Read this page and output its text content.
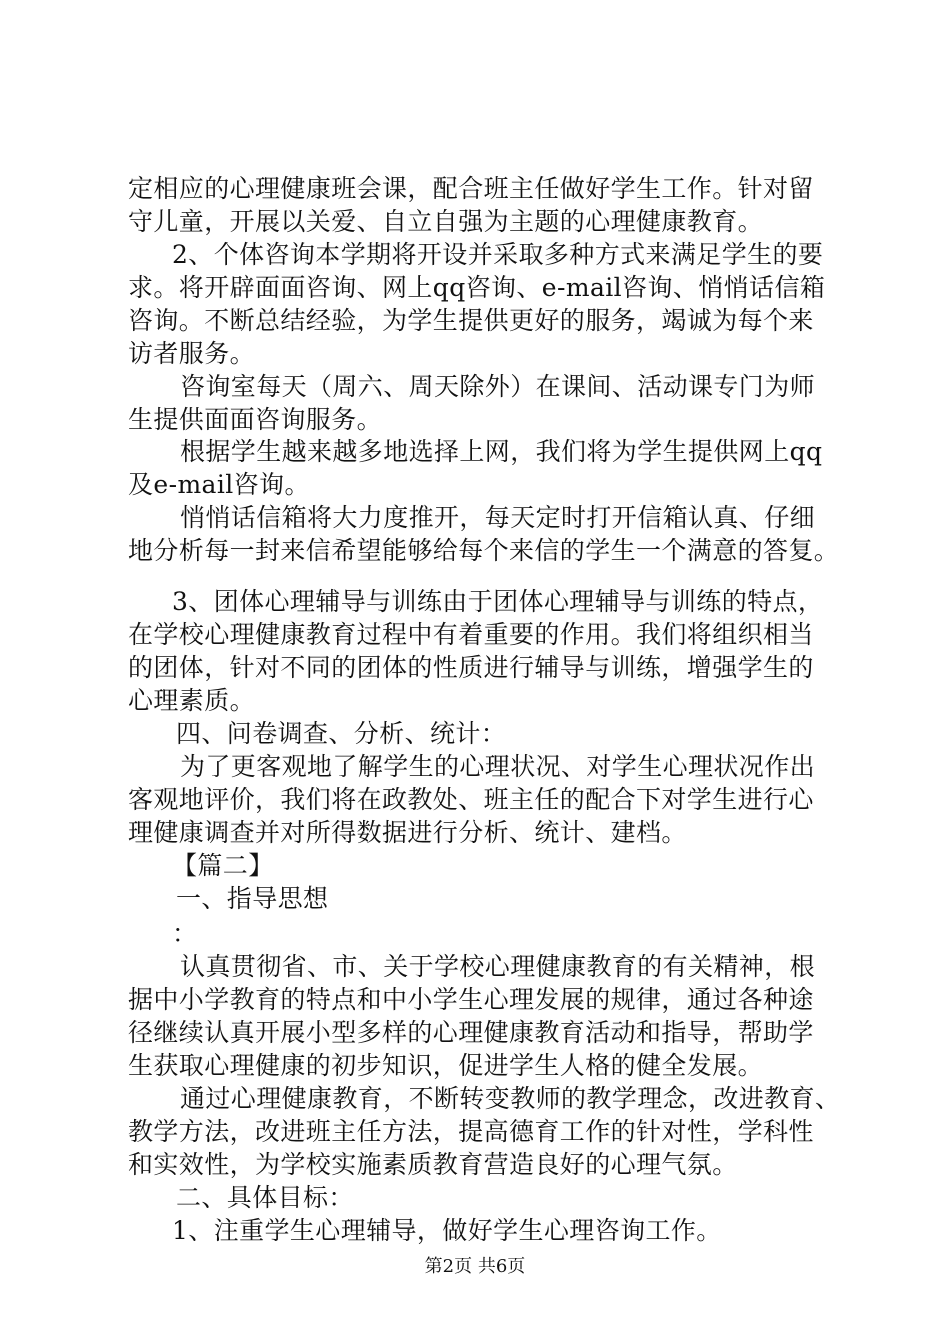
定相应的心理健康班会课，配合班主任做好学生工作。针对留
守儿童，开展以关爱、自立自强为主题的心理健康教育。
2、个体咨询本学期将开设并采取多种方式来满足学生的要
求。将开辟面面咨询、网上qq咨询、e-mail咨询、悄悄话信箱
咨询。不断总结经验，为学生提供更好的服务，竭诚为每个来
访者服务。
咨询室每天（周六、周天除外）在课间、活动课专门为师
生提供面面咨询服务。
根据学生越来越多地选择上网，我们将为学生提供网上qq
及e-mail咨询。
悄悄话信箱将大力度推开，每天定时打开信箱认真、仔细
地分析每一封来信希望能够给每个来信的学生一个满意的答复。
3、团体心理辅导与训练由于团体心理辅导与训练的特点，
在学校心理健康教育过程中有着重要的作用。我们将组织相当
的团体，针对不同的团体的性质进行辅导与训练，增强学生的
心理素质。
四、问卷调查、分析、统计：
为了更客观地了解学生的心理状况、对学生心理状况作出
客观地评价，我们将在政教处、班主任的配合下对学生进行心
理健康调查并对所得数据进行分析、统计、建档。
【篇二】
一、指导思想
：
认真贯彻省、市、关于学校心理健康教育的有关精神，根
据中小学教育的特点和中小学生心理发展的规律，通过各种途
径继续认真开展小型多样的心理健康教育活动和指导，帮助学
生获取心理健康的初步知识，促进学生人格的健全发展。
通过心理健康教育，不断转变教师的教学理念，改进教育、
教学方法，改进班主任方法，提高德育工作的针对性，学科性
和实效性，为学校实施素质教育营造良好的心理气氛。
二、具体目标：
1、注重学生心理辅导，做好学生心理咨询工作。
第2页 共6页
